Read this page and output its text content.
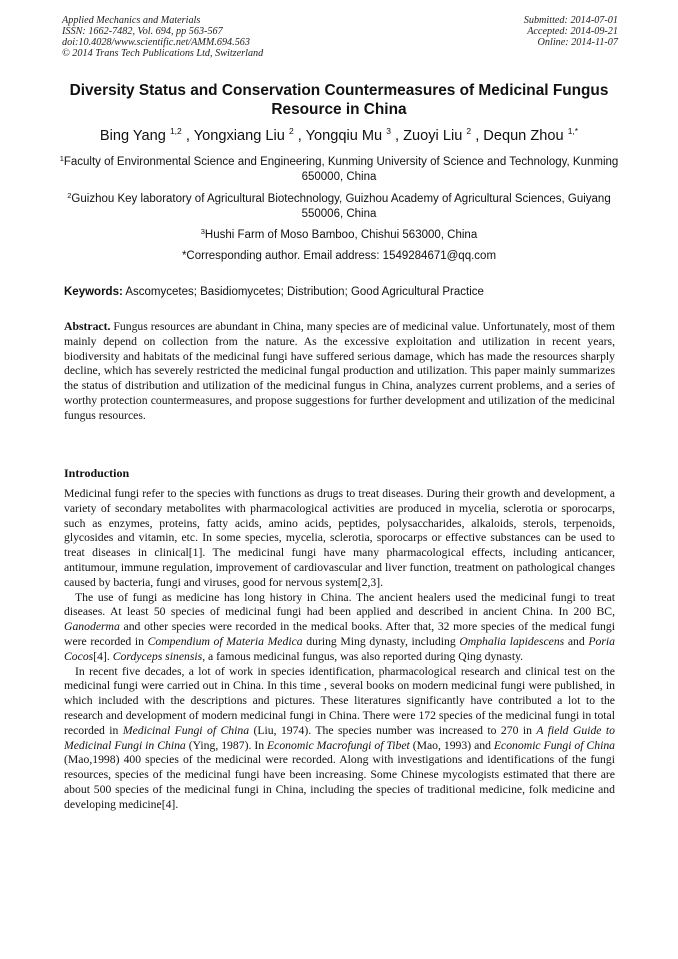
Applied Mechanics and Materials
ISSN: 1662-7482, Vol. 694, pp 563-567
doi:10.4028/www.scientific.net/AMM.694.563
© 2014 Trans Tech Publications Ltd, Switzerland
Submitted: 2014-07-01
Accepted: 2014-09-21
Online: 2014-11-07
Diversity Status and Conservation Countermeasures of Medicinal Fungus Resource in China
Bing Yang $^{1,2}$ , Yongxiang Liu $^2$ , Yongqiu Mu $^3$ , Zuoyi Liu $^2$ , Dequn Zhou $^{1,*}$
$^1$Faculty of Environmental Science and Engineering, Kunming University of Science and Technology, Kunming 650000, China
$^2$Guizhou Key laboratory of Agricultural Biotechnology, Guizhou Academy of Agricultural Sciences, Guiyang 550006, China
$^3$Hushi Farm of Moso Bamboo, Chishui 563000, China
*Corresponding author. Email address: 1549284671@qq.com
Keywords: Ascomycetes; Basidiomycetes; Distribution; Good Agricultural Practice
Abstract. Fungus resources are abundant in China, many species are of medicinal value. Unfortunately, most of them mainly depend on collection from the nature. As the excessive exploitation and utilization in recent years, biodiversity and habitats of the medicinal fungi have suffered serious damage, which has made the resources sharply decline, which has severely restricted the medicinal fungal production and utilization. This paper mainly summarizes the status of distribution and utilization of the medicinal fungus in China, analyzes current problems, and a series of worthy protection countermeasures, and propose suggestions for further development and utilization of the medicinal fungus resources.
Introduction

Medicinal fungi refer to the species with functions as drugs to treat diseases. During their growth and development, a variety of secondary metabolites with pharmacological activities are produced in mycelia, sclerotia or sporocarps, such as enzymes, proteins, fatty acids, amino acids, peptides, polysaccharides, alkaloids, sterols, terpenoids, glycosides and vitamin, etc. In some species, mycelia, sclerotia, sporocarps or effective substances can be used to treat diseases in clinical[1]. The medicinal fungi have many pharmacological effects, including anticancer, antitumour, immune regulation, improvement of cardiovascular and liver function, treatment on pathological changes caused by bacteria, fungi and viruses, good for nervous system[2,3].

The use of fungi as medicine has long history in China. The ancient healers used the medicinal fungi to treat diseases. At least 50 species of medicinal fungi had been applied and described in ancient China. In 200 BC, Ganoderma and other species were recorded in the medical books. After that, 32 more species of the medical fungi were recorded in Compendium of Materia Medica during Ming dynasty, including Omphalia lapidescens and Poria Cocos[4]. Cordyceps sinensis, a famous medicinal fungus, was also reported during Qing dynasty.

In recent five decades, a lot of work in species identification, pharmacological research and clinical test on the medicinal fungi were carried out in China. In this time , several books on modern medicinal fungi were published, in which included with the descriptions and pictures. These literatures significantly have contributed a lot to the research and development of modern medicinal fungi in China. There were 172 species of the medicinal fungi in total recorded in Medicinal Fungi of China (Liu, 1974). The species number was increased to 270 in A field Guide to Medicinal Fungi in China (Ying, 1987). In Economic Macrofungi of Tibet (Mao, 1993) and Economic Fungi of China (Mao,1998) 400 species of the medicinal were recorded. Along with investigations and identifications of the fungi resources, species of the medicinal fungi have been increasing. Some Chinese mycologists estimated that there are about 500 species of the medicinal fungi in China, including the species of traditional medicine, folk medicine and developing medicine[4].
